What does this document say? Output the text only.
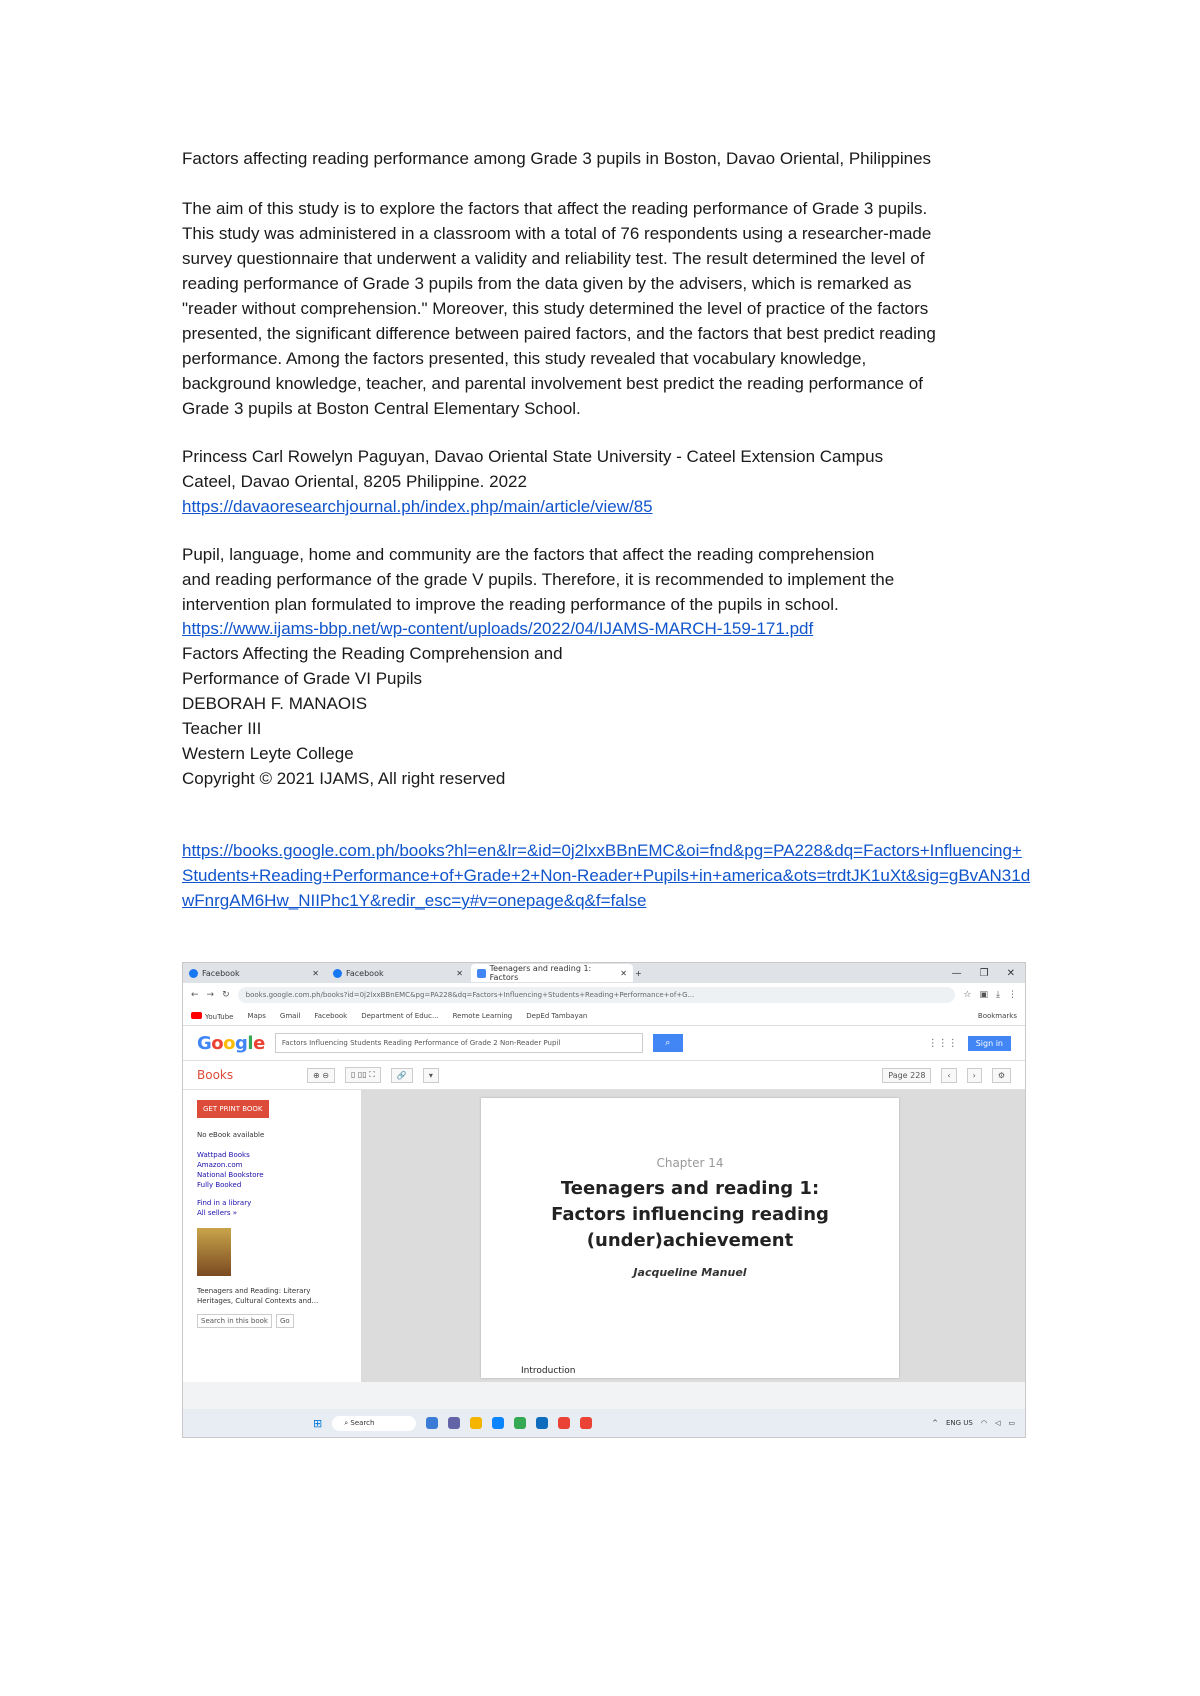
Factors affecting reading performance among Grade 3 pupils in Boston, Davao Oriental, Philippines
The aim of this study is to explore the factors that affect the reading performance of Grade 3 pupils.
This study was administered in a classroom with a total of 76 respondents using a researcher-made
survey questionnaire that underwent a validity and reliability test. The result determined the level of
reading performance of Grade 3 pupils from the data given by the advisers, which is remarked as
"reader without comprehension." Moreover, this study determined the level of practice of the factors
presented, the significant difference between paired factors, and the factors that best predict reading
performance. Among the factors presented, this study revealed that vocabulary knowledge,
background knowledge, teacher, and parental involvement best predict the reading performance of
Grade 3 pupils at Boston Central Elementary School.
Princess Carl Rowelyn Paguyan, Davao Oriental State University - Cateel Extension Campus
Cateel, Davao Oriental, 8205 Philippine. 2022
https://davaoresearchjournal.ph/index.php/main/article/view/85
Pupil, language, home and community are the factors that affect the reading comprehension
and reading performance of the grade V pupils. Therefore, it is recommended to implement the
intervention plan formulated to improve the reading performance of the pupils in school.
https://www.ijams-bbp.net/wp-content/uploads/2022/04/IJAMS-MARCH-159-171.pdf
Factors Affecting the Reading Comprehension and
Performance of Grade VI Pupils
DEBORAH F. MANAOIS
Teacher III
Western Leyte College
Copyright © 2021 IJAMS, All right reserved
https://books.google.com.ph/books?hl=en&lr=&id=0j2lxxBBnEMC&oi=fnd&pg=PA228&dq=Factors+Influencing+Students+Reading+Performance+of+Grade+2+Non-Reader+Pupils+in+america&ots=trdtJK1uXt&sig=gBvAN31dwFnrgAM6Hw_NIIPhc1Y&redir_esc=y#v=onepage&q&f=false
Facebook	✕	Facebook	✕	Teenagers and reading 1: Factors	✕ +	— ❐ ✕
← → ↻ books.google.com.ph/books?id=0j2lxxBBnEMC&pg=PA228&dq=Factors+Influencing+Students+Reading+Performance+of+G...	☆ ▣ ⤓ ⋮
YouTube Maps Gmail Facebook Department of Educ... Remote Learning DepEd Tambayan	Bookmarks
Google Factors Influencing Students Reading Performance of Grade 2 Non-Reader Pupil	⌕	⋮⋮⋮	Sign in
Books	⊕ ⊖	▯ ▯▯ ⛶	🔗	▾	Page 228	‹	›	⚙
GET PRINT BOOK
No eBook available
Wattpad Books
Amazon.com
National Bookstore
Fully Booked
Find in a library
All sellers »
Teenagers and Reading: Literary Heritages, Cultural Contexts and...
Search in this book	Go
Chapter 14
Teenagers and reading 1:
Factors influencing reading
(under)achievement
Jacqueline Manuel
Introduction
⊞	⌕ Search	^ ENG US ◠ ◁ ▭
